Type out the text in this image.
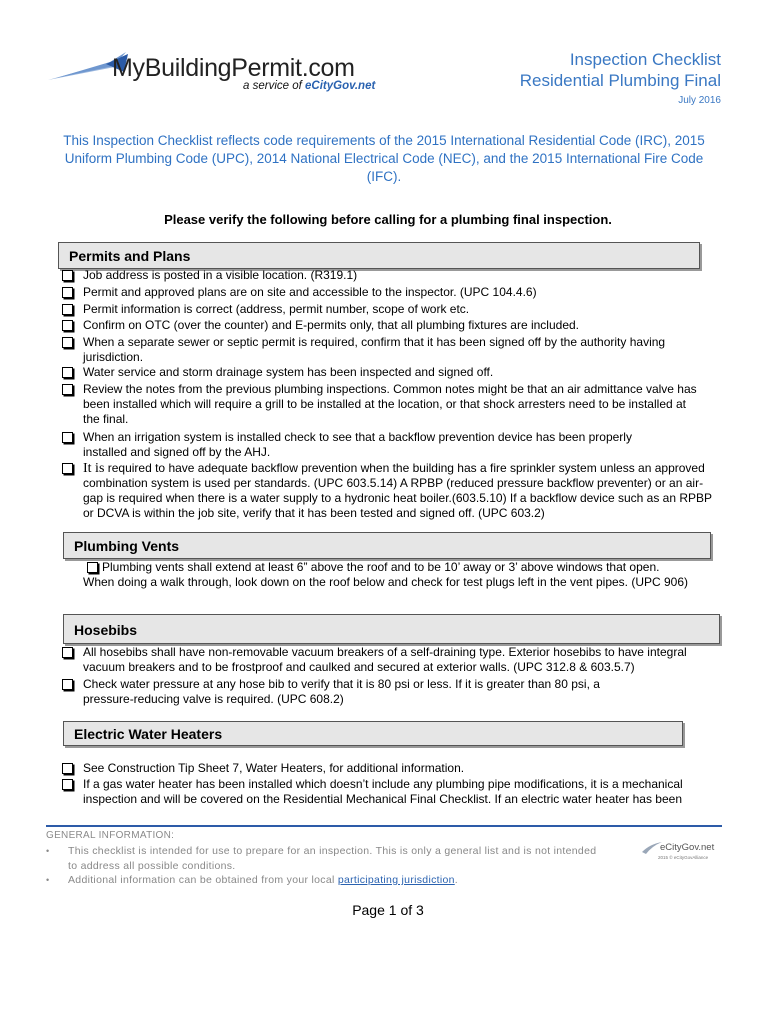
MyBuildingPermit.com
a service of eCityGov.net
Inspection Checklist
Residential Plumbing Final
July 2016
This Inspection Checklist reflects code requirements of the 2015 International Residential Code (IRC), 2015 Uniform Plumbing Code (UPC), 2014 National Electrical Code (NEC), and the 2015 International Fire Code (IFC).
Please verify the following before calling for a plumbing final inspection.
Permits and Plans
Job address is posted in a visible location. (R319.1)
Permit and approved plans are on site and accessible to the inspector. (UPC 104.4.6)
Permit information is correct (address, permit number, scope of work etc.
Confirm on OTC (over the counter) and E-permits only, that all plumbing fixtures are included.
When a separate sewer or septic permit is required, confirm that it has been signed off by the authority having jurisdiction.
Water service and storm drainage system has been inspected and signed off.
Review the notes from the previous plumbing inspections. Common notes might be that an air admittance valve has been installed which will require a grill to be installed at the location, or that shock arresters need to be installed at the final.
When an irrigation system is installed check to see that a backflow prevention device has been properly installed and signed off by the AHJ.
It is required to have adequate backflow prevention when the building has a fire sprinkler system unless an approved combination system is used per standards. (UPC 603.5.14) A RPBP (reduced pressure backflow preventer) or an air-gap is required when there is a water supply to a hydronic heat boiler.(603.5.10) If a backflow device such as an RPBP or DCVA is within the job site, verify that it has been tested and signed off. (UPC 603.2)
Plumbing Vents
Plumbing vents shall extend at least 6” above the roof and to be 10’ away or 3’ above windows that open. When doing a walk through, look down on the roof below and check for test plugs left in the vent pipes. (UPC 906)
Hosebibs
All hosebibs shall have non-removable vacuum breakers of a self-draining type. Exterior hosebibs to have integral vacuum breakers and to be frostproof and caulked and secured at exterior walls. (UPC 312.8 & 603.5.7)
Check water pressure at any hose bib to verify that it is 80 psi or less. If it is greater than 80 psi, a pressure-reducing valve is required. (UPC 608.2)
Electric Water Heaters
See Construction Tip Sheet 7, Water Heaters, for additional information.
If a gas water heater has been installed which doesn’t include any plumbing pipe modifications, it is a mechanical inspection and will be covered on the Residential Mechanical Final Checklist. If an electric water heater has been
GENERAL INFORMATION:
• This checklist is intended for use to prepare for an inspection. This is only a general list and is not intended to address all possible conditions.
• Additional information can be obtained from your local participating jurisdiction.
eCityGov.net
2015 © eCityGovAlliance
Page 1 of 3
